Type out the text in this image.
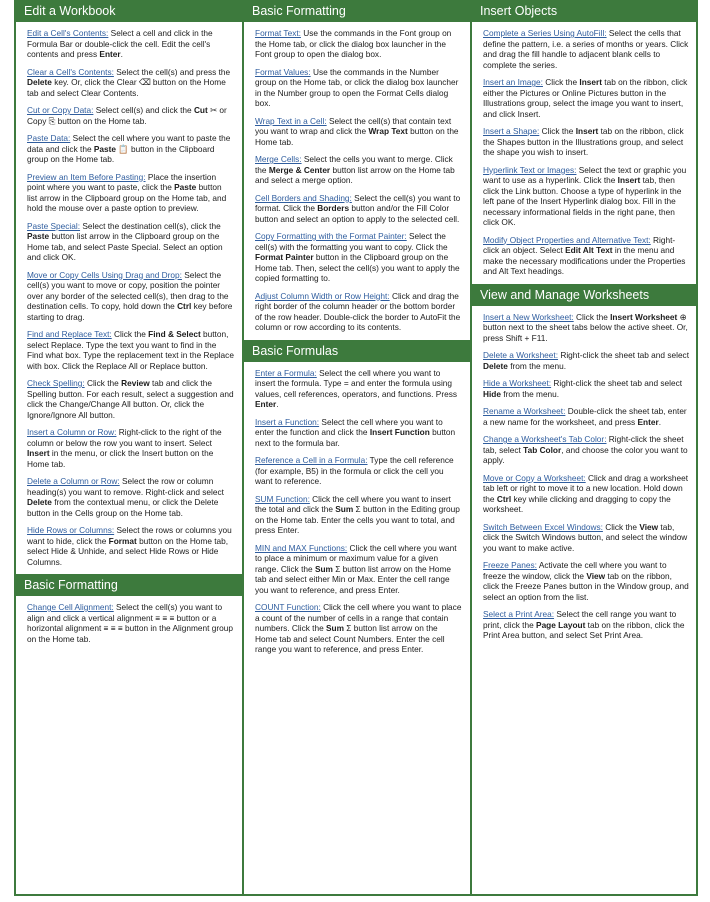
Edit a Workbook
Edit a Cell's Contents: Select a cell and click in the Formula Bar or double-click the cell. Edit the cell's contents and press Enter.
Clear a Cell's Contents: Select the cell(s) and press the Delete key. Or, click the Clear ⌫ button on the Home tab and select Clear Contents.
Cut or Copy Data: Select cell(s) and click the Cut ✂ or Copy ⎘ button on the Home tab.
Paste Data: Select the cell where you want to paste the data and click the Paste 📋 button in the Clipboard group on the Home tab.
Preview an Item Before Pasting: Place the insertion point where you want to paste, click the Paste button list arrow in the Clipboard group on the Home tab, and hold the mouse over a paste option to preview.
Paste Special: Select the destination cell(s), click the Paste button list arrow in the Clipboard group on the Home tab, and select Paste Special. Select an option and click OK.
Move or Copy Cells Using Drag and Drop: Select the cell(s) you want to move or copy, position the pointer over any border of the selected cell(s), then drag to the destination cells. To copy, hold down the Ctrl key before starting to drag.
Find and Replace Text: Click the Find & Select button, select Replace. Type the text you want to find in the Find what box. Type the replacement text in the Replace with box. Click the Replace All or Replace button.
Check Spelling: Click the Review tab and click the Spelling button. For each result, select a suggestion and click the Change/Change All button. Or, click the Ignore/Ignore All button.
Insert a Column or Row: Right-click to the right of the column or below the row you want to insert. Select Insert in the menu, or click the Insert button on the Home tab.
Delete a Column or Row: Select the row or column heading(s) you want to remove. Right-click and select Delete from the contextual menu, or click the Delete button in the Cells group on the Home tab.
Hide Rows or Columns: Select the rows or columns you want to hide, click the Format button on the Home tab, select Hide & Unhide, and select Hide Rows or Hide Columns.
Basic Formatting
Change Cell Alignment: Select the cell(s) you want to align and click a vertical alignment ≡ ≡ ≡ button or a horizontal alignment ≡ ≡ ≡ button in the Alignment group on the Home tab.
Basic Formatting
Format Text: Use the commands in the Font group on the Home tab, or click the dialog box launcher in the Font group to open the dialog box.
Format Values: Use the commands in the Number group on the Home tab, or click the dialog box launcher in the Number group to open the Format Cells dialog box.
Wrap Text in a Cell: Select the cell(s) that contain text you want to wrap and click the Wrap Text button on the Home tab.
Merge Cells: Select the cells you want to merge. Click the Merge & Center button list arrow on the Home tab and select a merge option.
Cell Borders and Shading: Select the cell(s) you want to format. Click the Borders button and/or the Fill Color button and select an option to apply to the selected cell.
Copy Formatting with the Format Painter: Select the cell(s) with the formatting you want to copy. Click the Format Painter button in the Clipboard group on the Home tab. Then, select the cell(s) you want to apply the copied formatting to.
Adjust Column Width or Row Height: Click and drag the right border of the column header or the bottom border of the row header. Double-click the border to AutoFit the column or row according to its contents.
Basic Formulas
Enter a Formula: Select the cell where you want to insert the formula. Type = and enter the formula using values, cell references, operators, and functions. Press Enter.
Insert a Function: Select the cell where you want to enter the function and click the Insert Function button next to the formula bar.
Reference a Cell in a Formula: Type the cell reference (for example, B5) in the formula or click the cell you want to reference.
SUM Function: Click the cell where you want to insert the total and click the Sum Σ button in the Editing group on the Home tab. Enter the cells you want to total, and press Enter.
MIN and MAX Functions: Click the cell where you want to place a minimum or maximum value for a given range. Click the Sum Σ button list arrow on the Home tab and select either Min or Max. Enter the cell range you want to reference, and press Enter.
COUNT Function: Click the cell where you want to place a count of the number of cells in a range that contain numbers. Click the Sum Σ button list arrow on the Home tab and select Count Numbers. Enter the cell range you want to reference, and press Enter.
Insert Objects
Complete a Series Using AutoFill: Select the cells that define the pattern, i.e. a series of months or years. Click and drag the fill handle to adjacent blank cells to complete the series.
Insert an Image: Click the Insert tab on the ribbon, click either the Pictures or Online Pictures button in the Illustrations group, select the image you want to insert, and click Insert.
Insert a Shape: Click the Insert tab on the ribbon, click the Shapes button in the Illustrations group, and select the shape you wish to insert.
Hyperlink Text or Images: Select the text or graphic you want to use as a hyperlink. Click the Insert tab, then click the Link button. Choose a type of hyperlink in the left pane of the Insert Hyperlink dialog box. Fill in the necessary informational fields in the right pane, then click OK.
Modify Object Properties and Alternative Text: Right-click an object. Select Edit Alt Text in the menu and make the necessary modifications under the Properties and Alt Text headings.
View and Manage Worksheets
Insert a New Worksheet: Click the Insert Worksheet ⊕ button next to the sheet tabs below the active sheet. Or, press Shift + F11.
Delete a Worksheet: Right-click the sheet tab and select Delete from the menu.
Hide a Worksheet: Right-click the sheet tab and select Hide from the menu.
Rename a Worksheet: Double-click the sheet tab, enter a new name for the worksheet, and press Enter.
Change a Worksheet's Tab Color: Right-click the sheet tab, select Tab Color, and choose the color you want to apply.
Move or Copy a Worksheet: Click and drag a worksheet tab left or right to move it to a new location. Hold down the Ctrl key while clicking and dragging to copy the worksheet.
Switch Between Excel Windows: Click the View tab, click the Switch Windows button, and select the window you want to make active.
Freeze Panes: Activate the cell where you want to freeze the window, click the View tab on the ribbon, click the Freeze Panes button in the Window group, and select an option from the list.
Select a Print Area: Select the cell range you want to print, click the Page Layout tab on the ribbon, click the Print Area button, and select Set Print Area.
